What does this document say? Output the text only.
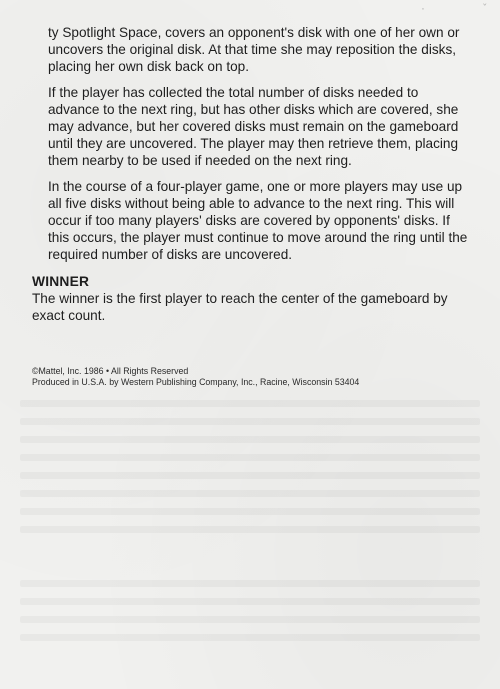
٠	ˇ

ty Spotlight Space, covers an opponent's disk with one of her own or uncovers the original disk. At that time she may reposition the disks, placing her own disk back on top.

If the player has collected the total number of disks needed to advance to the next ring, but has other disks which are covered, she may advance, but her covered disks must remain on the gameboard until they are uncovered. The player may then retrieve them, placing them nearby to be used if needed on the next ring.

In the course of a four-player game, one or more players may use up all five disks without being able to advance to the next ring. This will occur if too many players' disks are covered by opponents' disks. If this occurs, the player must continue to move around the ring until the required number of disks are uncovered.

WINNER

The winner is the first player to reach the center of the gameboard by exact count.

©Mattel, Inc. 1986 • All Rights Reserved
Produced in U.S.A. by Western Publishing Company, Inc., Racine, Wisconsin 53404
